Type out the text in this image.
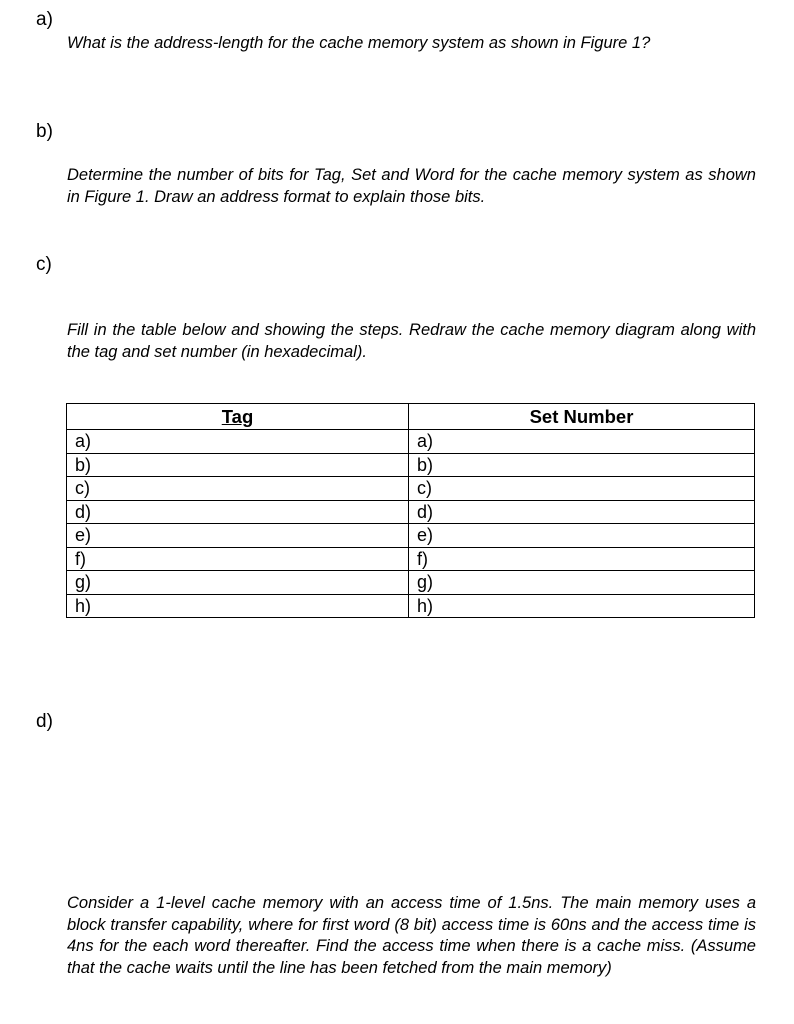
a)

What is the address-length for the cache memory system as shown in Figure 1?

b)

Determine the number of bits for Tag, Set and Word for the cache memory system as shown in Figure 1. Draw an address format to explain those bits.

c)

Fill in the table below and showing the steps. Redraw the cache memory diagram along with the tag and set number (in hexadecimal).

Tag	Set Number
a)	a)
b)	b)
c)	c)
d)	d)
e)	e)
f)	f)
g)	g)
h)	h)
d)

Consider a 1-level cache memory with an access time of 1.5ns. The main memory uses a block transfer capability, where for first word (8 bit) access time is 60ns and the access time is 4ns for the each word thereafter. Find the access time when there is a cache miss. (Assume that the cache waits until the line has been fetched from the main memory)
